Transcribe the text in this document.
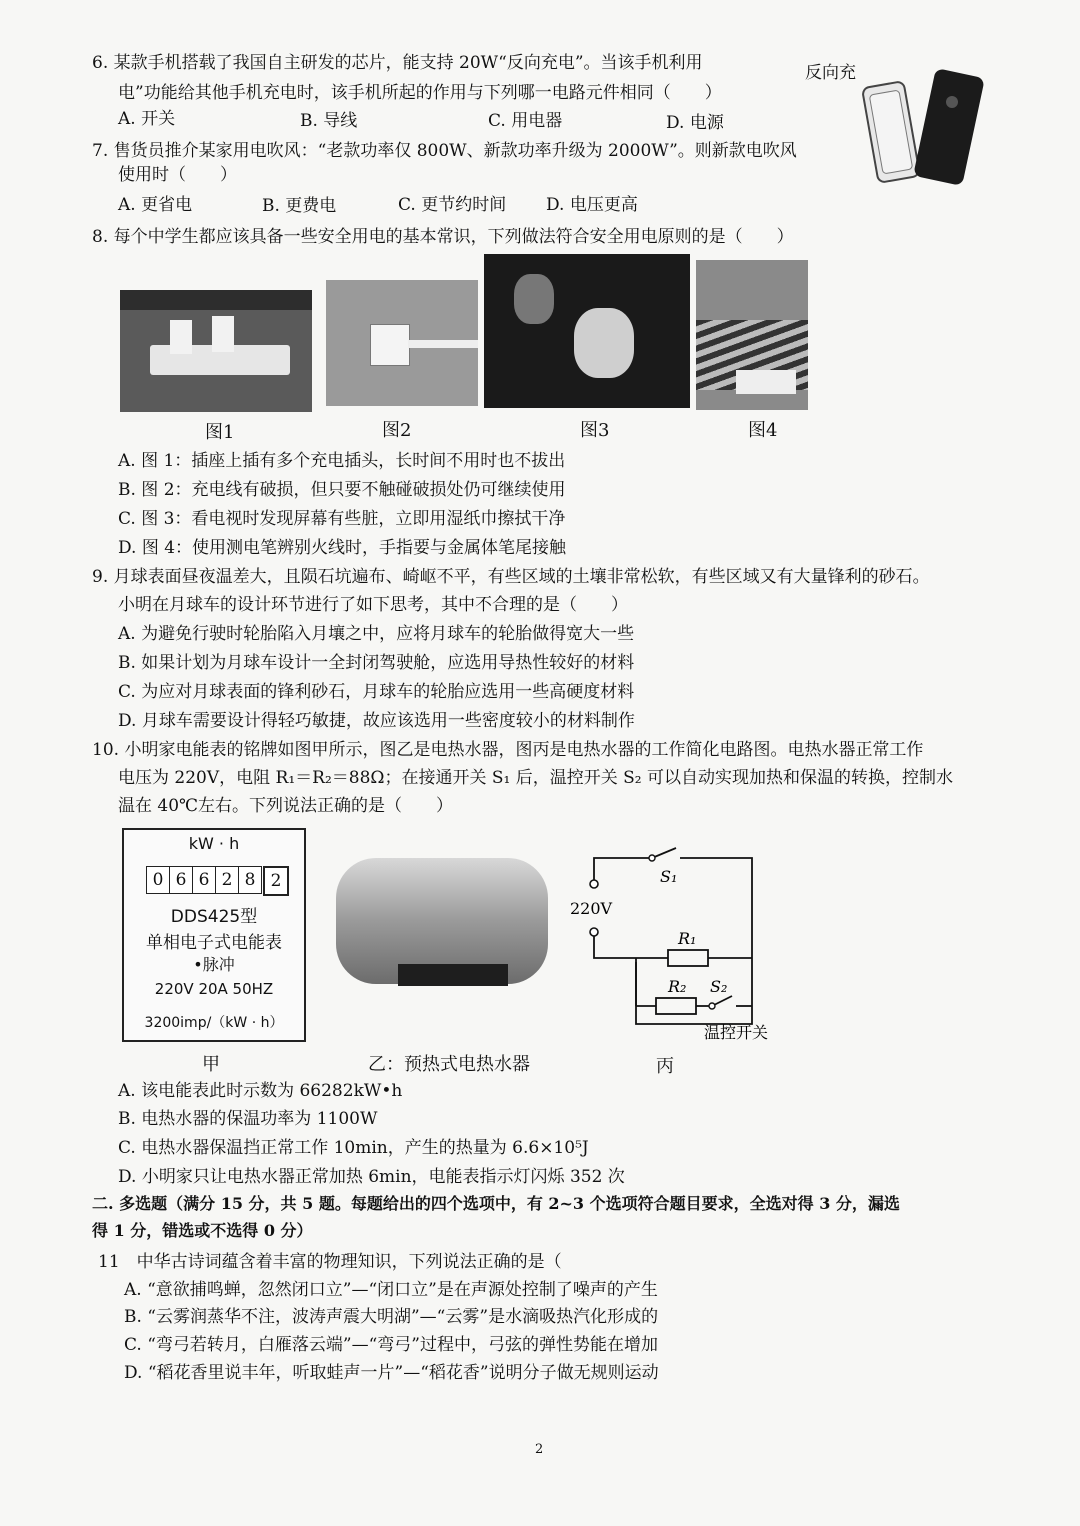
6. 某款手机搭载了我国自主研发的芯片，能支持 20W“反向充电”。当该手机利用	反向充
电”功能给其他手机充电时，该手机所起的作用与下列哪一电路元件相同（　　）
A. 开关	B. 导线	C. 用电器	D. 电源
7. 售货员推介某家用电吹风：“老款功率仅 800W、新款功率升级为 2000W”。则新款电吹风
使用时（　　）
A. 更省电	B. 更费电	C. 更节约时间 D. 电压更高
8. 每个中学生都应该具备一些安全用电的基本常识，下列做法符合安全用电原则的是（　　）
图1	图2	图3	图4
A. 图 1：插座上插有多个充电插头，长时间不用时也不拔出
B. 图 2：充电线有破损，但只要不触碰破损处仍可继续使用
C. 图 3：看电视时发现屏幕有些脏，立即用湿纸巾擦拭干净
D. 图 4：使用测电笔辨别火线时，手指要与金属体笔尾接触
9. 月球表面昼夜温差大，且陨石坑遍布、崎岖不平，有些区域的土壤非常松软，有些区域又有大量锋利的砂石。
小明在月球车的设计环节进行了如下思考，其中不合理的是（　　）
A. 为避免行驶时轮胎陷入月壤之中，应将月球车的轮胎做得宽大一些
B. 如果计划为月球车设计一全封闭驾驶舱，应选用导热性较好的材料
C. 为应对月球表面的锋利砂石，月球车的轮胎应选用一些高硬度材料
D. 月球车需要设计得轻巧敏捷，故应该选用一些密度较小的材料制作
10. 小明家电能表的铭牌如图甲所示，图乙是电热水器，图丙是电热水器的工作简化电路图。电热水器正常工作
电压为 220V，电阻 R₁＝R₂＝88Ω；在接通开关 S₁ 后，温控开关 S₂ 可以自动实现加热和保温的转换，控制水
温在 40℃左右。下列说法正确的是（　　）
kW · h
0 6 6 2 8 2
DDS425型
单相电子式电能表
•脉冲
220V 20A 50HZ
3200imp/（kW · h）
220V
S₁
R₁
R₂ S₂
温控开关
甲	乙：预热式电热水器	丙
A. 该电能表此时示数为 66282kW•h
B. 电热水器的保温功率为 1100W
C. 电热水器保温挡正常工作 10min，产生的热量为 6.6×10⁵J
D. 小明家只让电热水器正常加热 6min，电能表指示灯闪烁 352 次
二. 多选题（满分 15 分，共 5 题。每题给出的四个选项中，有 2~3 个选项符合题目要求，全选对得 3 分，漏选
得 1 分，错选或不选得 0 分）
11　中华古诗词蕴含着丰富的物理知识，下列说法正确的是（
A. “意欲捕鸣蝉，忽然闭口立”—“闭口立”是在声源处控制了噪声的产生
B. “云雾润蒸华不注，波涛声震大明湖”—“云雾”是水滴吸热汽化形成的
C. “弯弓若转月，白雁落云端”—“弯弓”过程中，弓弦的弹性势能在增加
D. “稻花香里说丰年，听取蛙声一片”—“稻花香”说明分子做无规则运动
2
